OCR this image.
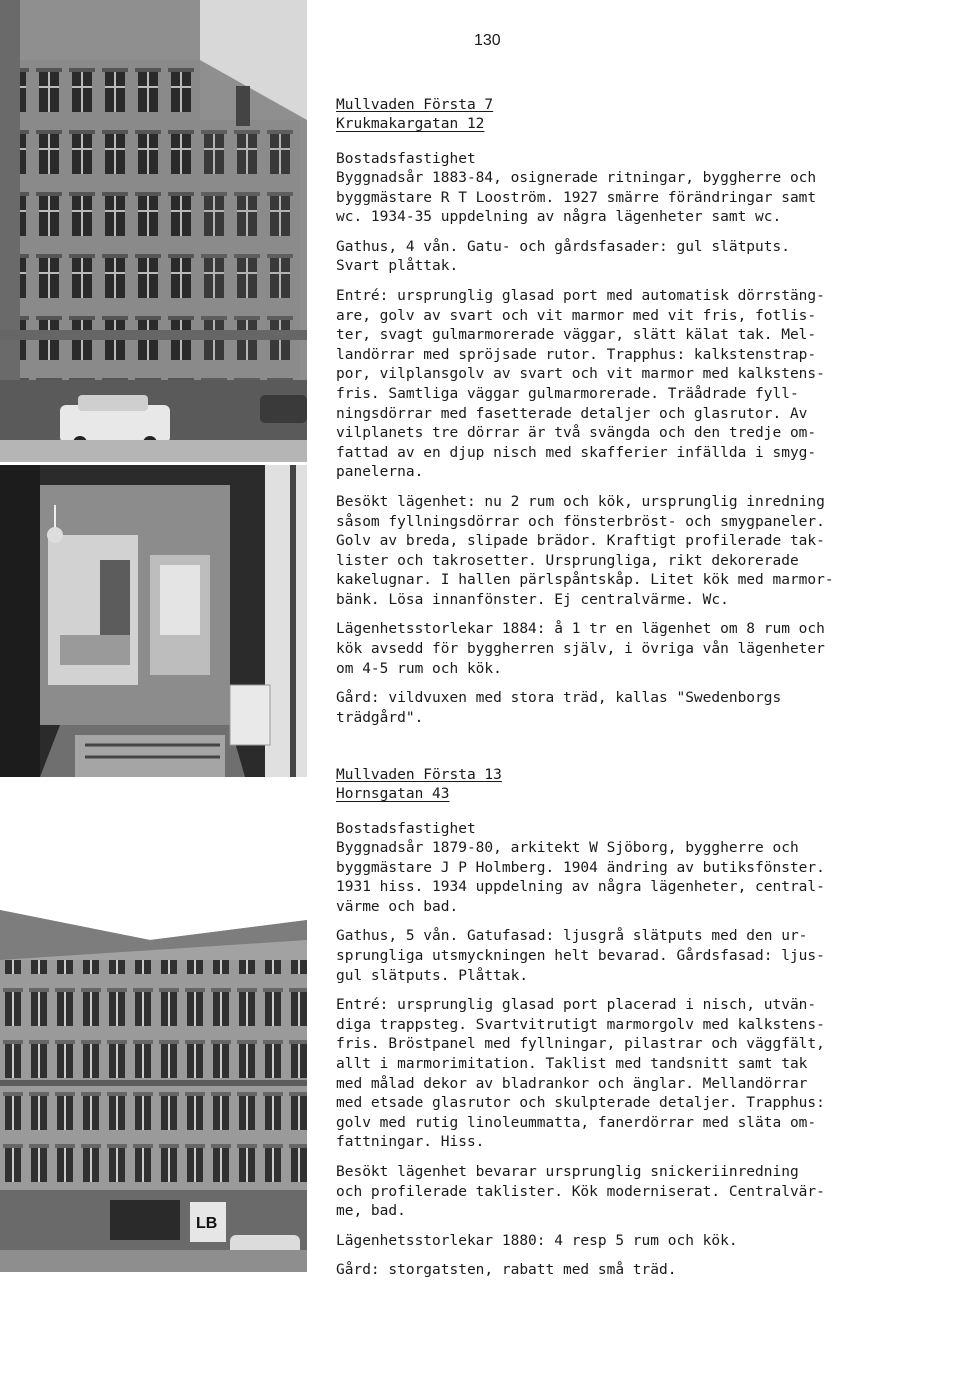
130
LB
Mullvaden Första 7
Krukmakargatan 12
Bostadsfastighet
Byggnadsår 1883-84, osignerade ritningar, byggherre och
byggmästare R T Looström. 1927 smärre förändringar samt
wc. 1934-35 uppdelning av några lägenheter samt wc.
Gathus, 4 vån. Gatu- och gårdsfasader: gul slätputs.
Svart plåttak.
Entré: ursprunglig glasad port med automatisk dörrstäng-
are, golv av svart och vit marmor med vit fris, fotlis-
ter, svagt gulmarmorerade väggar, slätt kälat tak. Mel-
landörrar med spröjsade rutor. Trapphus: kalkstenstrap-
por, vilplansgolv av svart och vit marmor med kalkstens-
fris. Samtliga väggar gulmarmorerade. Träådrade fyll-
ningsdörrar med fasetterade detaljer och glasrutor. Av
vilplanets tre dörrar är två svängda och den tredje om-
fattad av en djup nisch med skafferier infällda i smyg-
panelerna.
Besökt lägenhet: nu 2 rum och kök, ursprunglig inredning
såsom fyllningsdörrar och fönsterbröst- och smygpaneler.
Golv av breda, slipade brädor. Kraftigt profilerade tak-
lister och takrosetter. Ursprungliga, rikt dekorerade
kakelugnar. I hallen pärlspåntskåp. Litet kök med marmor-
bänk. Lösa innanfönster. Ej centralvärme. Wc.
Lägenhetsstorlekar 1884: å 1 tr en lägenhet om 8 rum och
kök avsedd för byggherren själv, i övriga vån lägenheter
om 4-5 rum och kök.
Gård: vildvuxen med stora träd, kallas "Swedenborgs
trädgård".
Mullvaden Första 13
Hornsgatan 43
Bostadsfastighet
Byggnadsår 1879-80, arkitekt W Sjöborg, byggherre och
byggmästare J P Holmberg. 1904 ändring av butiksfönster.
1931 hiss. 1934 uppdelning av några lägenheter, central-
värme och bad.
Gathus, 5 vån. Gatufasad: ljusgrå slätputs med den ur-
sprungliga utsmyckningen helt bevarad. Gårdsfasad: ljus-
gul slätputs. Plåttak.
Entré: ursprunglig glasad port placerad i nisch, utvän-
diga trappsteg. Svartvitrutigt marmorgolv med kalkstens-
fris. Bröstpanel med fyllningar, pilastrar och väggfält,
allt i marmorimitation. Taklist med tandsnitt samt tak
med målad dekor av bladrankor och änglar. Mellandörrar
med etsade glasrutor och skulpterade detaljer. Trapphus:
golv med rutig linoleummatta, fanerdörrar med släta om-
fattningar. Hiss.
Besökt lägenhet bevarar ursprunglig snickeriinredning
och profilerade taklister. Kök moderniserat. Centralvär-
me, bad.
Lägenhetsstorlekar 1880: 4 resp 5 rum och kök.
Gård: storgatsten, rabatt med små träd.
